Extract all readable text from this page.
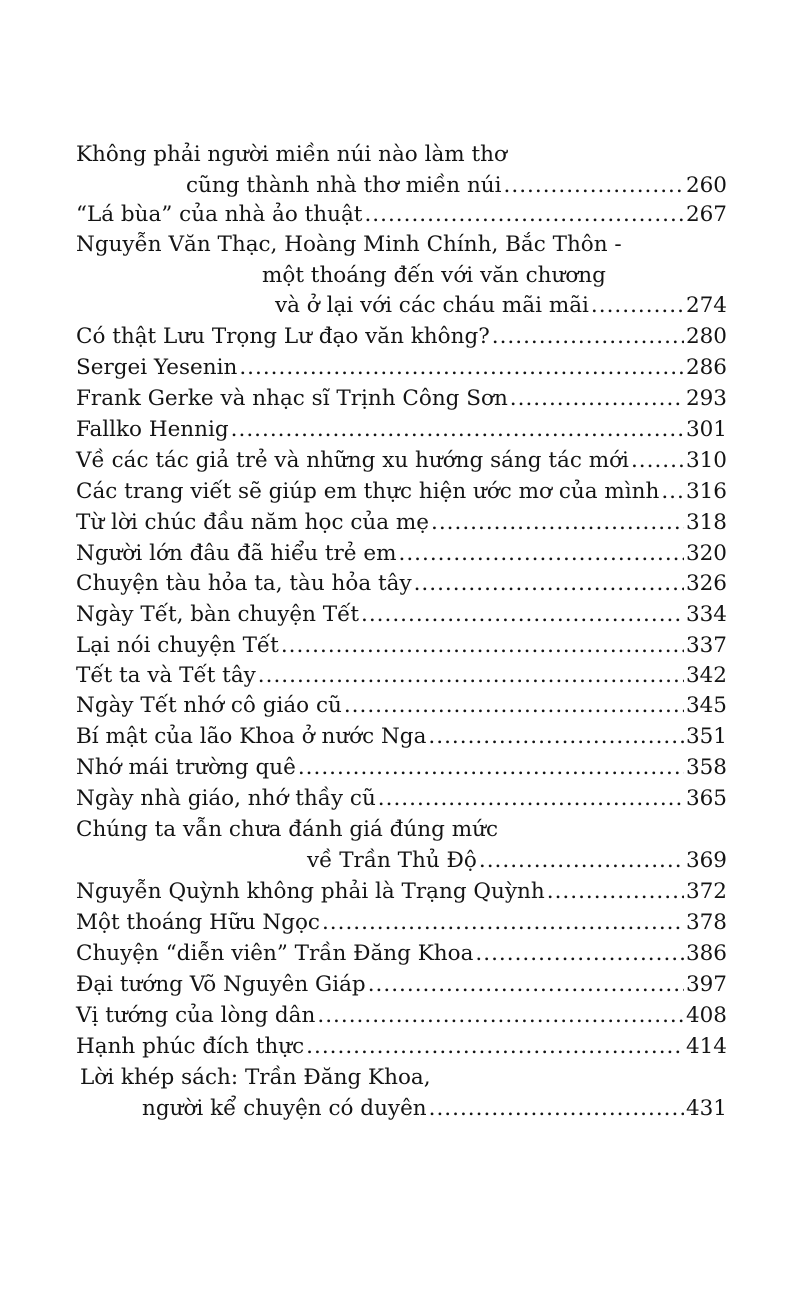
Không phải người miền núi nào làm thơ
cũng thành nhà thơ miền núi .....	260
“Lá bùa” của nhà ảo thuật .....	267
Nguyễn Văn Thạc, Hoàng Minh Chính, Bắc Thôn -
một thoáng đến với văn chương
và ở lại với các cháu mãi mãi .....	274
Có thật Lưu Trọng Lư đạo văn không? .....	280
Sergei Yesenin .....	286
Frank Gerke và nhạc sĩ Trịnh Công Sơn .....	293
Fallko Hennig .....	301
Về các tác giả trẻ và những xu hướng sáng tác mới .....	310
Các trang viết sẽ giúp em thực hiện ước mơ của mình ..... 316
Từ lời chúc đầu năm học của mẹ .....	318
Người lớn đâu đã hiểu trẻ em .....	320
Chuyện tàu hỏa ta, tàu hỏa tây .....	326
Ngày Tết, bàn chuyện Tết .....	334
Lại nói chuyện Tết .....	337
Tết ta và Tết tây .....	342
Ngày Tết nhớ cô giáo cũ .....	345
Bí mật của lão Khoa ở nước Nga .....	351
Nhớ mái trường quê .....	358
Ngày nhà giáo, nhớ thầy cũ .....	365
Chúng ta vẫn chưa đánh giá đúng mức
về Trần Thủ Độ .....	369
Nguyễn Quỳnh không phải là Trạng Quỳnh .....	372
Một thoáng Hữu Ngọc .....	378
Chuyện “diễn viên” Trần Đăng Khoa .....	386
Đại tướng Võ Nguyên Giáp .....	397
Vị tướng của lòng dân .....	408
Hạnh phúc đích thực .....	414
Lời khép sách: Trần Đăng Khoa,
người kể chuyện có duyên .....	431
